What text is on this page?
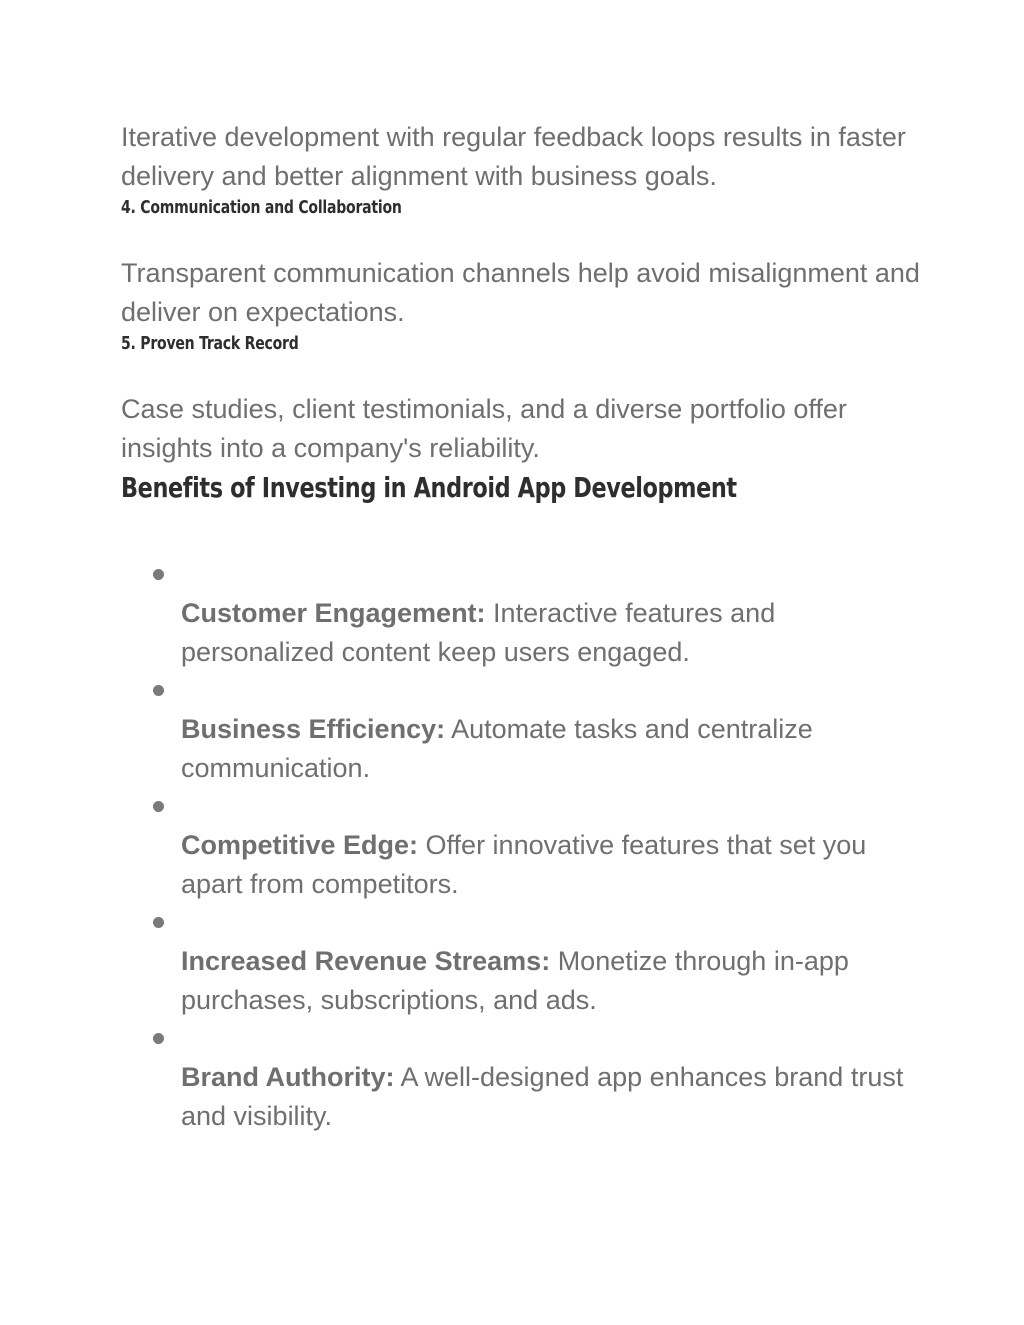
Iterative development with regular feedback loops results in faster delivery and better alignment with business goals.

4. Communication and Collaboration

Transparent communication channels help avoid misalignment and deliver on expectations.

5. Proven Track Record

Case studies, client testimonials, and a diverse portfolio offer insights into a company's reliability.

Benefits of Investing in Android App Development

Customer Engagement: Interactive features and personalized content keep users engaged.

Business Efficiency: Automate tasks and centralize communication.

Competitive Edge: Offer innovative features that set you apart from competitors.

Increased Revenue Streams: Monetize through in-app purchases, subscriptions, and ads.

Brand Authority: A well-designed app enhances brand trust and visibility.
